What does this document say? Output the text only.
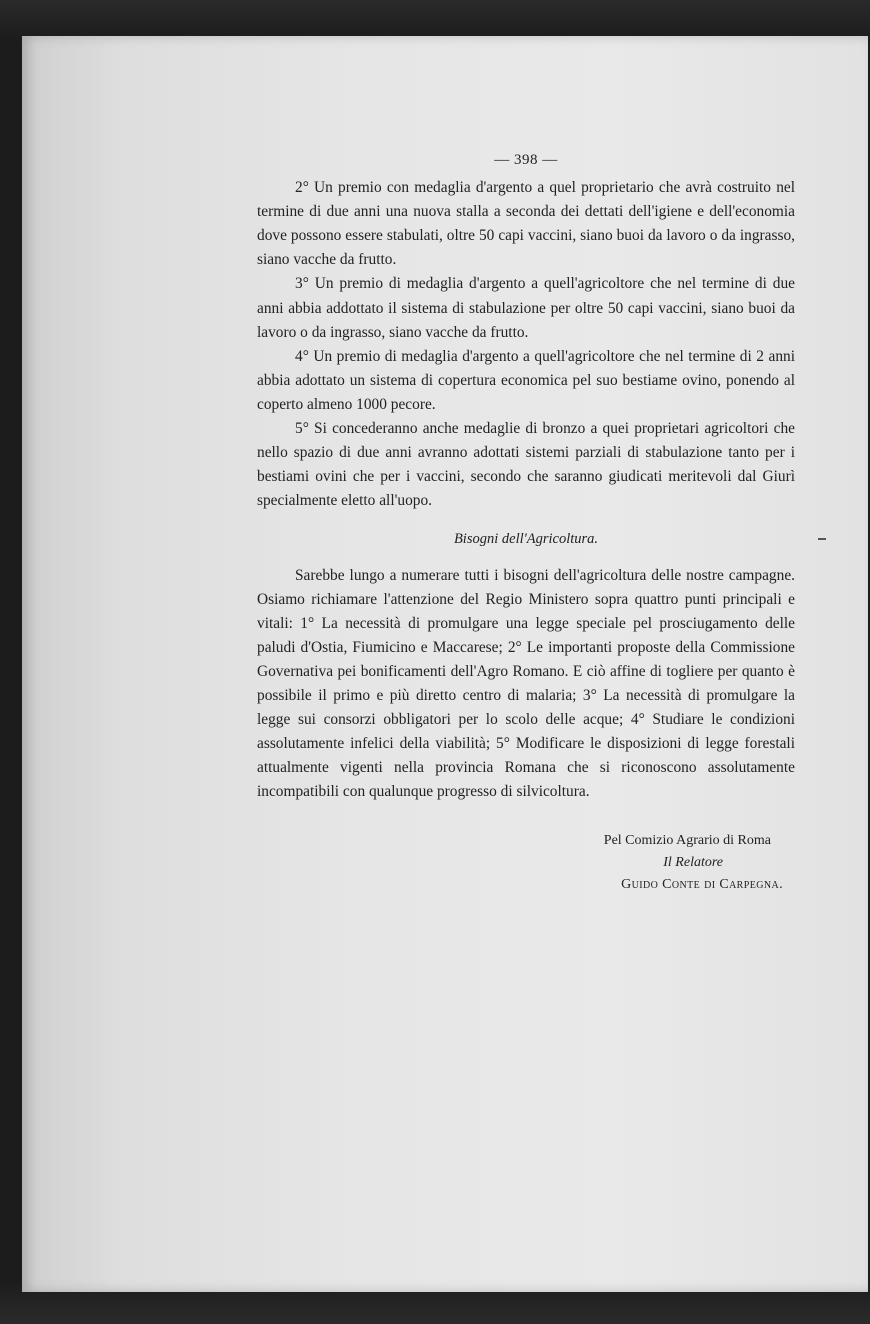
— 398 —

2° Un premio con medaglia d'argento a quel proprietario che avrà costruito nel termine di due anni una nuova stalla a seconda dei dettati dell'igiene e dell'economia dove possono essere stabulati, oltre 50 capi vaccini, siano buoi da lavoro o da ingrasso, siano vacche da frutto.

3° Un premio di medaglia d'argento a quell'agricoltore che nel termine di due anni abbia addottato il sistema di stabulazione per oltre 50 capi vaccini, siano buoi da lavoro o da ingrasso, siano vacche da frutto.

4° Un premio di medaglia d'argento a quell'agricoltore che nel termine di 2 anni abbia adottato un sistema di copertura economica pel suo bestiame ovino, ponendo al coperto almeno 1000 pecore.

5° Si concederanno anche medaglie di bronzo a quei proprietari agricoltori che nello spazio di due anni avranno adottati sistemi parziali di stabulazione tanto per i bestiami ovini che per i vaccini, secondo che saranno giudicati meritevoli dal Giurì specialmente eletto all'uopo.

Bisogni dell'Agricoltura.

Sarebbe lungo a numerare tutti i bisogni dell'agricoltura delle nostre campagne. Osiamo richiamare l'attenzione del Regio Ministero sopra quattro punti principali e vitali: 1° La necessità di promulgare una legge speciale pel prosciugamento delle paludi d'Ostia, Fiumicino e Maccarese; 2° Le importanti proposte della Commissione Governativa pei bonificamenti dell'Agro Romano. E ciò affine di togliere per quanto è possibile il primo e più diretto centro di malaria; 3° La necessità di promulgare la legge sui consorzi obbligatori per lo scolo delle acque; 4° Studiare le condizioni assolutamente infelici della viabilità; 5° Modificare le disposizioni di legge forestali attualmente vigenti nella provincia Romana che si riconoscono assolutamente incompatibili con qualunque progresso di silvicoltura.

Pel Comizio Agrario di Roma
Il Relatore
Guido Conte di Carpegna.
